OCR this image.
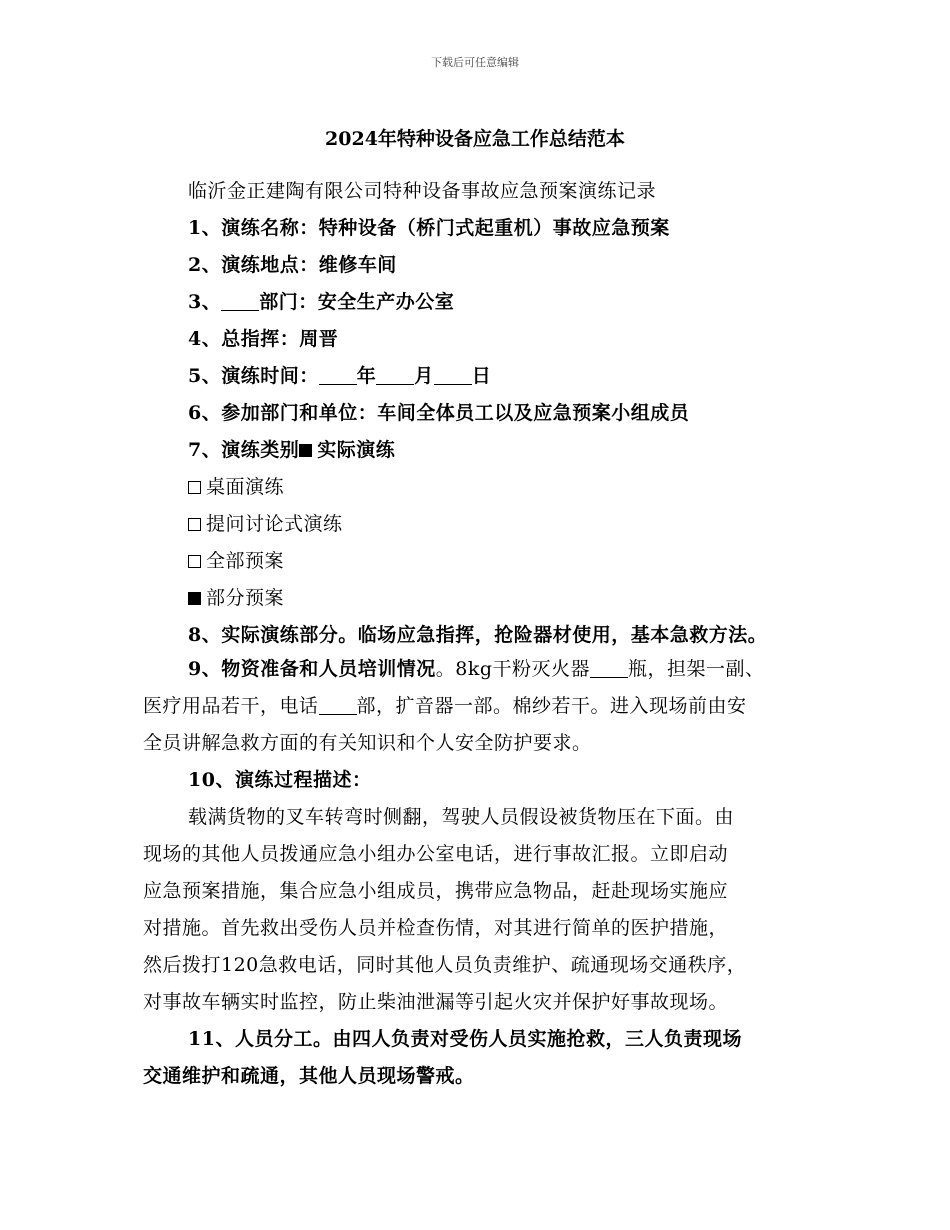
下载后可任意编辑
2024年特种设备应急工作总结范本
临沂金正建陶有限公司特种设备事故应急预案演练记录
1、演练名称：特种设备（桥门式起重机）事故应急预案
2、演练地点：维修车间
3、 部门：安全生产办公室
4、总指挥：周晋
5、演练时间： 年 月 日
6、参加部门和单位：车间全体员工以及应急预案小组成员
7、演练类别 实际演练
桌面演练
提问讨论式演练
全部预案
部分预案
8、实际演练部分。临场应急指挥，抢险器材使用，基本急救方法。
9、物资准备和人员培训情况。8kg干粉灭火器 瓶，担架一副、
医疗用品若干，电话 部，扩音器一部。棉纱若干。进入现场前由安
全员讲解急救方面的有关知识和个人安全防护要求。
10、演练过程描述：
载满货物的叉车转弯时侧翻，驾驶人员假设被货物压在下面。由
现场的其他人员拨通应急小组办公室电话，进行事故汇报。立即启动
应急预案措施，集合应急小组成员，携带应急物品，赶赴现场实施应
对措施。首先救出受伤人员并检查伤情，对其进行简单的医护措施，
然后拨打120急救电话，同时其他人员负责维护、疏通现场交通秩序，
对事故车辆实时监控，防止柴油泄漏等引起火灾并保护好事故现场。
11、人员分工。由四人负责对受伤人员实施抢救，三人负责现场
交通维护和疏通，其他人员现场警戒。
